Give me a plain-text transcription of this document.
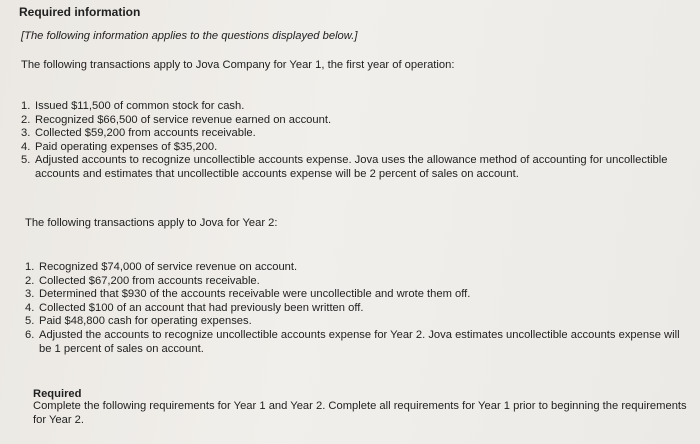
Required information
[The following information applies to the questions displayed below.]
The following transactions apply to Jova Company for Year 1, the first year of operation:
1. Issued $11,500 of common stock for cash.
2. Recognized $66,500 of service revenue earned on account.
3. Collected $59,200 from accounts receivable.
4. Paid operating expenses of $35,200.
5. Adjusted accounts to recognize uncollectible accounts expense. Jova uses the allowance method of accounting for uncollectible accounts and estimates that uncollectible accounts expense will be 2 percent of sales on account.
The following transactions apply to Jova for Year 2:
1. Recognized $74,000 of service revenue on account.
2. Collected $67,200 from accounts receivable.
3. Determined that $930 of the accounts receivable were uncollectible and wrote them off.
4. Collected $100 of an account that had previously been written off.
5. Paid $48,800 cash for operating expenses.
6. Adjusted the accounts to recognize uncollectible accounts expense for Year 2. Jova estimates uncollectible accounts expense will be 1 percent of sales on account.
Required
Complete the following requirements for Year 1 and Year 2. Complete all requirements for Year 1 prior to beginning the requirements for Year 2.
